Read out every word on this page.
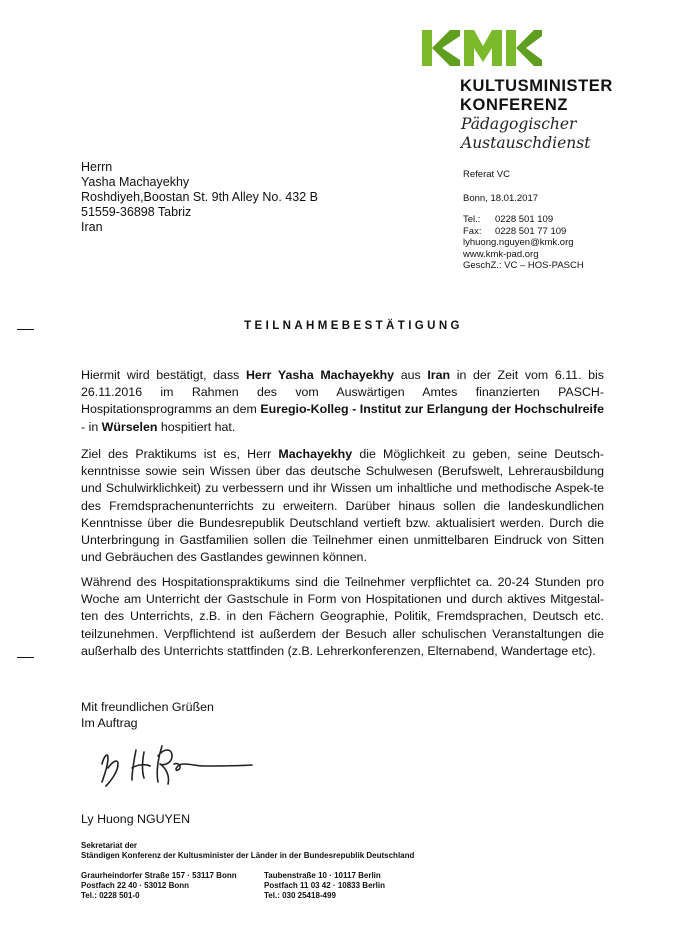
KULTUSMINISTER
KONFERENZ
Pädagogischer
Austauschdienst
Herrn
Yasha Machayekhy
Roshdiyeh,Boostan St. 9th Alley No. 432 B
51559-36898 Tabriz
Iran
Referat VC
Bonn, 18.01.2017
Tel.: 0228 501 109
Fax: 0228 501 77 109
lyhuong.nguyen@kmk.org
www.kmk-pad.org
GeschZ.: VC – HOS-PASCH
TEILNAHMEBESTÄTIGUNG
Hiermit wird bestätigt, dass Herr Yasha Machayekhy aus Iran in der Zeit vom 6.11. bis 26.11.2016 im Rahmen des vom Auswärtigen Amtes finanzierten PASCH-Hospitationsprogramms an dem Euregio-Kolleg - Institut zur Erlangung der Hochschulreife - in Würselen hospitiert hat.
Ziel des Praktikums ist es, Herr Machayekhy die Möglichkeit zu geben, seine Deutsch-kenntnisse sowie sein Wissen über das deutsche Schulwesen (Berufswelt, Lehrerausbildung und Schulwirklichkeit) zu verbessern und ihr Wissen um inhaltliche und methodische Aspek-te des Fremdsprachenunterrichts zu erweitern. Darüber hinaus sollen die landeskundlichen Kenntnisse über die Bundesrepublik Deutschland vertieft bzw. aktualisiert werden. Durch die Unterbringung in Gastfamilien sollen die Teilnehmer einen unmittelbaren Eindruck von Sitten und Gebräuchen des Gastlandes gewinnen können.
Während des Hospitationspraktikums sind die Teilnehmer verpflichtet ca. 20-24 Stunden pro Woche am Unterricht der Gastschule in Form von Hospitationen und durch aktives Mitgestal-ten des Unterrichts, z.B. in den Fächern Geographie, Politik, Fremdsprachen, Deutsch etc. teilzunehmen. Verpflichtend ist außerdem der Besuch aller schulischen Veranstaltungen die außerhalb des Unterrichts stattfinden (z.B. Lehrerkonferenzen, Elternabend, Wandertage etc).
Mit freundlichen Grüßen
Im Auftrag
Ly Huong NGUYEN
Sekretariat der
Ständigen Konferenz der Kultusminister der Länder in der Bundesrepublik Deutschland
Graurheindorfer Straße 157 · 53117 Bonn
Postfach 22 40 · 53012 Bonn
Tel.: 0228 501-0
Taubenstraße 10 · 10117 Berlin
Postfach 11 03 42 · 10833 Berlin
Tel.: 030 25418-499
